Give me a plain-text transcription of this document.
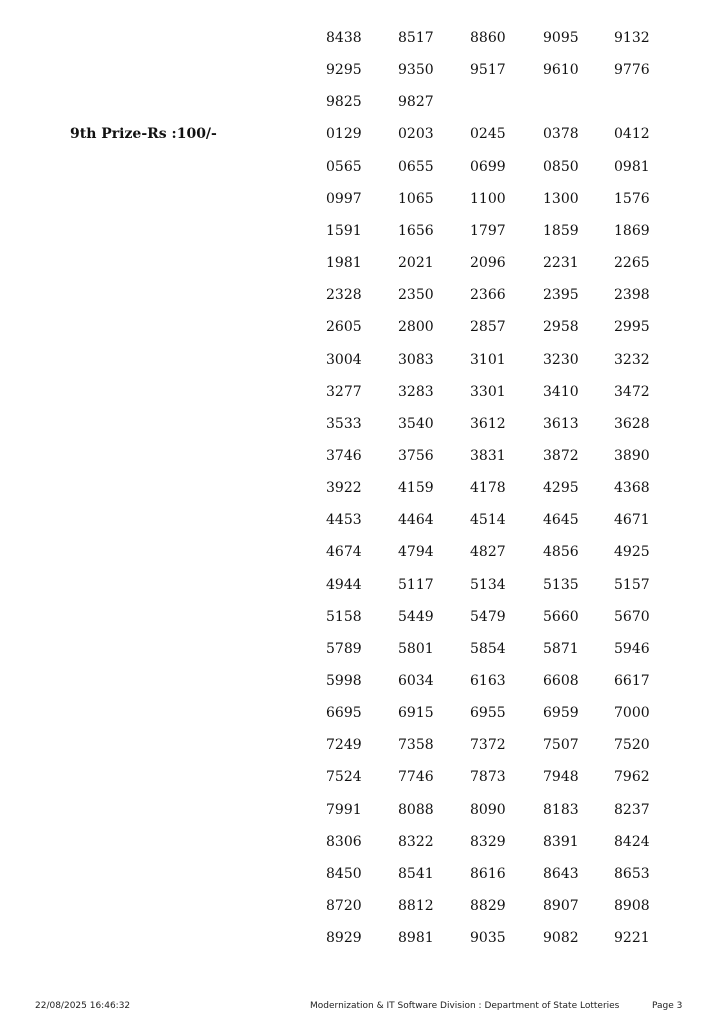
8438	8517	8860	9095	9132
9295	9350	9517	9610	9776
9825	9827
9th Prize-Rs :100/-	0129	0203	0245	0378	0412
0565	0655	0699	0850	0981
0997	1065	1100	1300	1576
1591	1656	1797	1859	1869
1981	2021	2096	2231	2265
2328	2350	2366	2395	2398
2605	2800	2857	2958	2995
3004	3083	3101	3230	3232
3277	3283	3301	3410	3472
3533	3540	3612	3613	3628
3746	3756	3831	3872	3890
3922	4159	4178	4295	4368
4453	4464	4514	4645	4671
4674	4794	4827	4856	4925
4944	5117	5134	5135	5157
5158	5449	5479	5660	5670
5789	5801	5854	5871	5946
5998	6034	6163	6608	6617
6695	6915	6955	6959	7000
7249	7358	7372	7507	7520
7524	7746	7873	7948	7962
7991	8088	8090	8183	8237
8306	8322	8329	8391	8424
8450	8541	8616	8643	8653
8720	8812	8829	8907	8908
8929	8981	9035	9082	9221
22/08/2025 16:46:32	Modernization & IT Software Division : Department of State Lotteries	Page 3
